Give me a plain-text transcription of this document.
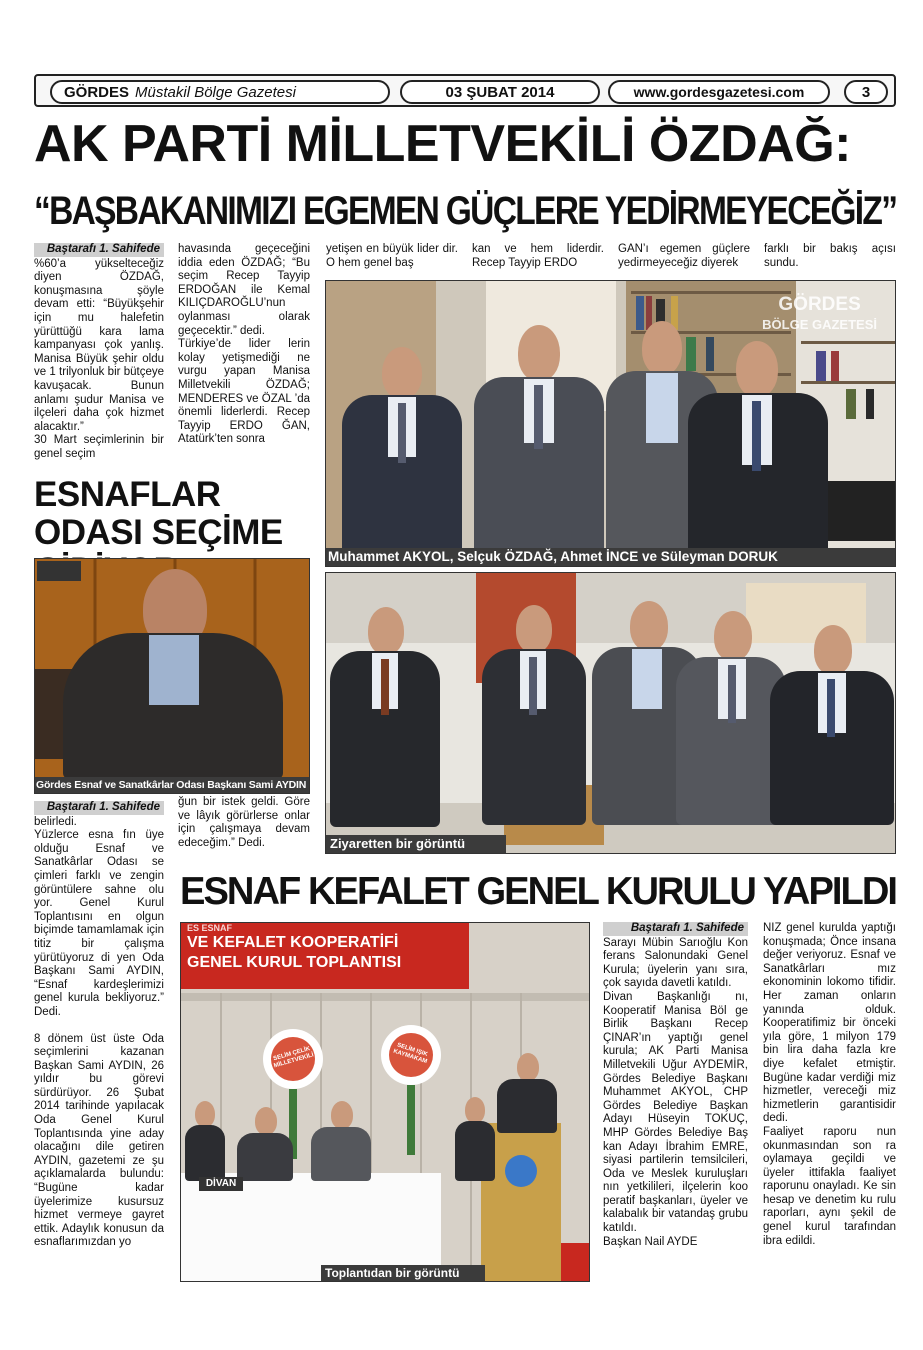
GÖRDES Müstakil Bölge Gazetesi	03 ŞUBAT 2014	www.gordesgazetesi.com	3
AK PARTİ MİLLETVEKİLİ ÖZDAĞ:
“BAŞBAKANIMIZI EGEMEN GÜÇLERE YEDİRMEYECEĞİZ”
Baştarafı 1. Sahifede

%60’a yükselteceğiz diyen ÖZDAĞ, konuşmasına şöyle devam etti: “Büyükşehir için mu halefetin yürüttüğü kara lama kampanyası çok yanlış. Manisa Büyük şehir oldu ve 1 trilyonluk bir bütçeye kavuşacak. Bunun anlamı şudur Manisa ve ilçeleri daha çok hizmet alacaktır.”

30 Mart seçimlerinin bir genel seçim

havasında geçeceğini iddia eden ÖZDAĞ; “Bu seçim Recep Tayyip ERDOĞAN ile Kemal KILIÇDAROĞLU’nun oylanması olarak geçecektir.” dedi.

Türkiye’de lider lerin kolay yetişmediği ne vurgu yapan Manisa Milletvekili ÖZDAĞ; MENDERES ve ÖZAL ’da önemli liderlerdi. Recep Tayyip ERDO ĞAN, Atatürk’ten sonra

yetişen en büyük lider dir. O hem genel baş

kan ve hem liderdir. Recep Tayyip ERDO

ĞAN’ı egemen güçlere yedirmeyeceğiz diyerek

farklı bir bakış açısı sundu.

GÖRDES
BÖLGE GAZETESİ
Muhammet AKYOL, Selçuk ÖZDAĞ, Ahmet İNCE ve Süleyman DORUK
ESNAFLAR ODASI SEÇİME
Gördes Esnaf ve Sanatkârlar Odası Başkanı Sami AYDIN
Ziyaretten bir görüntü
Baştarafı 1. Sahifede

belirledi.

Yüzlerce esna fın üye olduğu Esnaf ve Sanatkârlar Odası se çimleri farklı ve zengin görüntülere sahne olu yor. Genel Kurul Toplantısını en olgun biçimde tamamlamak için titiz bir çalışma yürütüyoruz di yen Oda Başkanı Sami AYDIN, “Esnaf kardeşlerimizi genel kurula bekliyoruz.” Dedi.

8 dönem üst üste Oda seçimlerini kazanan Başkan Sami AYDIN, 26 yıldır bu görevi sürdürüyor. 26 Şubat 2014 tarihinde yapılacak Oda Genel Kurul Toplantısında yine aday olacağını dile getiren AYDIN, gazetemi ze şu açıklamalarda bulundu: “Bugüne kadar üyelerimize kusursuz hizmet vermeye gayret ettik. Adaylık konusun da esnaflarımızdan yo

ğun bir istek geldi. Göre ve lâyık görürlerse onlar için çalışmaya devam edeceğim.” Dedi.

ESNAF KEFALET GENEL KURULU YAPILDI
ES ESNAF
VE KEFALET KOOPERATİFİ
GENEL KURUL TOPLANTISI
SELİM ÇELİK MİLLETVEKİLİ
SELİM IŞIK KAYMAKAM
DİVAN
Toplantıdan bir görüntü
Baştarafı 1. Sahifede

Sarayı Mübin Sarıoğlu Kon ferans Salonundaki Genel Kurula; üyelerin yanı sıra, çok sayıda davetli katıldı.

Divan Başkanlığı nı, Kooperatif Manisa Böl ge Birlik Başkanı Recep ÇINAR’ın yaptığı genel kurula; AK Parti Manisa Milletvekili Uğur AYDEMİR, Gördes Belediye Başkanı Muhammet AKYOL, CHP Gördes Belediye Başkan Adayı Hüseyin TOKUÇ, MHP Gördes Belediye Baş kan Adayı İbrahim EMRE, siyasi partilerin temsilcileri, Oda ve Meslek kuruluşları nın yetkilileri, ilçelerin koo peratif başkanları, üyeler ve kalabalık bir vatandaş grubu katıldı.

Başkan Nail AYDE

NİZ genel kurulda yaptığı konuşmada; Önce insana değer veriyoruz. Esnaf ve Sanatkârları mız ekonominin lokomo tifidir. Her zaman onların yanında olduk. Kooperatifimiz bir önceki yıla göre, 1 milyon 179 bin lira daha fazla kre diye kefalet etmiştir. Bugüne kadar verdiği miz hizmetler, vereceği miz hizmetlerin garantisidir dedi.

Faaliyet raporu nun okunmasından son ra oylamaya geçildi ve üyeler ittifakla faaliyet raporunu onayladı. Ke sin hesap ve denetim ku rulu raporları, aynı şekil de genel kurul tarafından ibra edildi.
